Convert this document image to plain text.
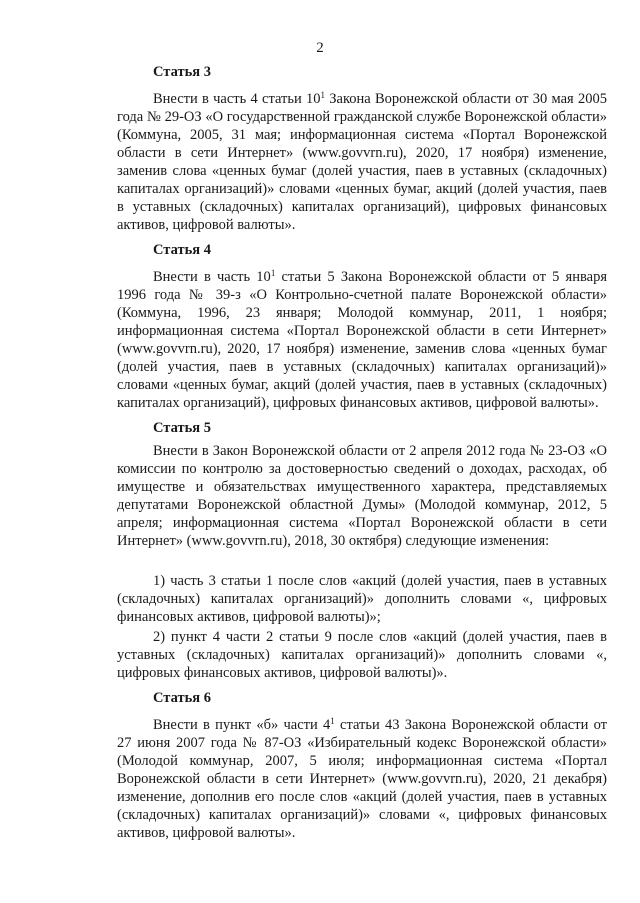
2
Статья 3

Внести в часть 4 статьи $10^1$ Закона Воронежской области от 30 мая 2005 года № 29-ОЗ «О государственной гражданской службе Воронежской области» (Коммуна, 2005, 31 мая; информационная система «Портал Воронежской области в сети Интернет» (www.govvrn.ru), 2020, 17 ноября) изменение, заменив слова «ценных бумаг (долей участия, паев в уставных (складочных) капиталах организаций)» словами «ценных бумаг, акций (долей участия, паев в уставных (складочных) капиталах организаций), цифровых финансовых активов, цифровой валюты».

Статья 4

Внести в часть $10^1$ статьи 5 Закона Воронежской области от 5 января 1996 года № 39-з «О Контрольно-счетной палате Воронежской области» (Коммуна, 1996, 23 января; Молодой коммунар, 2011, 1 ноября; информационная система «Портал Воронежской области в сети Интернет» (www.govvrn.ru), 2020, 17 ноября) изменение, заменив слова «ценных бумаг (долей участия, паев в уставных (складочных) капиталах организаций)» словами «ценных бумаг, акций (долей участия, паев в уставных (складочных) капиталах организаций), цифровых финансовых активов, цифровой валюты».

Статья 5

Внести в Закон Воронежской области от 2 апреля 2012 года № 23-ОЗ «О комиссии по контролю за достоверностью сведений о доходах, расходах, об имуществе и обязательствах имущественного характера, представляемых депутатами Воронежской областной Думы» (Молодой коммунар, 2012, 5 апреля; информационная система «Портал Воронежской области в сети Интернет» (www.govvrn.ru), 2018, 30 октября) следующие изменения:

1) часть 3 статьи 1 после слов «акций (долей участия, паев в уставных (складочных) капиталах организаций)» дополнить словами «, цифровых финансовых активов, цифровой валюты)»;

2) пункт 4 части 2 статьи 9 после слов «акций (долей участия, паев в уставных (складочных) капиталах организаций)» дополнить словами «, цифровых финансовых активов, цифровой валюты)».

Статья 6

Внести в пункт «б» части $4^1$ статьи 43 Закона Воронежской области от 27 июня 2007 года № 87-ОЗ «Избирательный кодекс Воронежской области» (Молодой коммунар, 2007, 5 июля; информационная система «Портал Воронежской области в сети Интернет» (www.govvrn.ru), 2020, 21 декабря) изменение, дополнив его после слов «акций (долей участия, паев в уставных (складочных) капиталах организаций)» словами «, цифровых финансовых активов, цифровой валюты».
